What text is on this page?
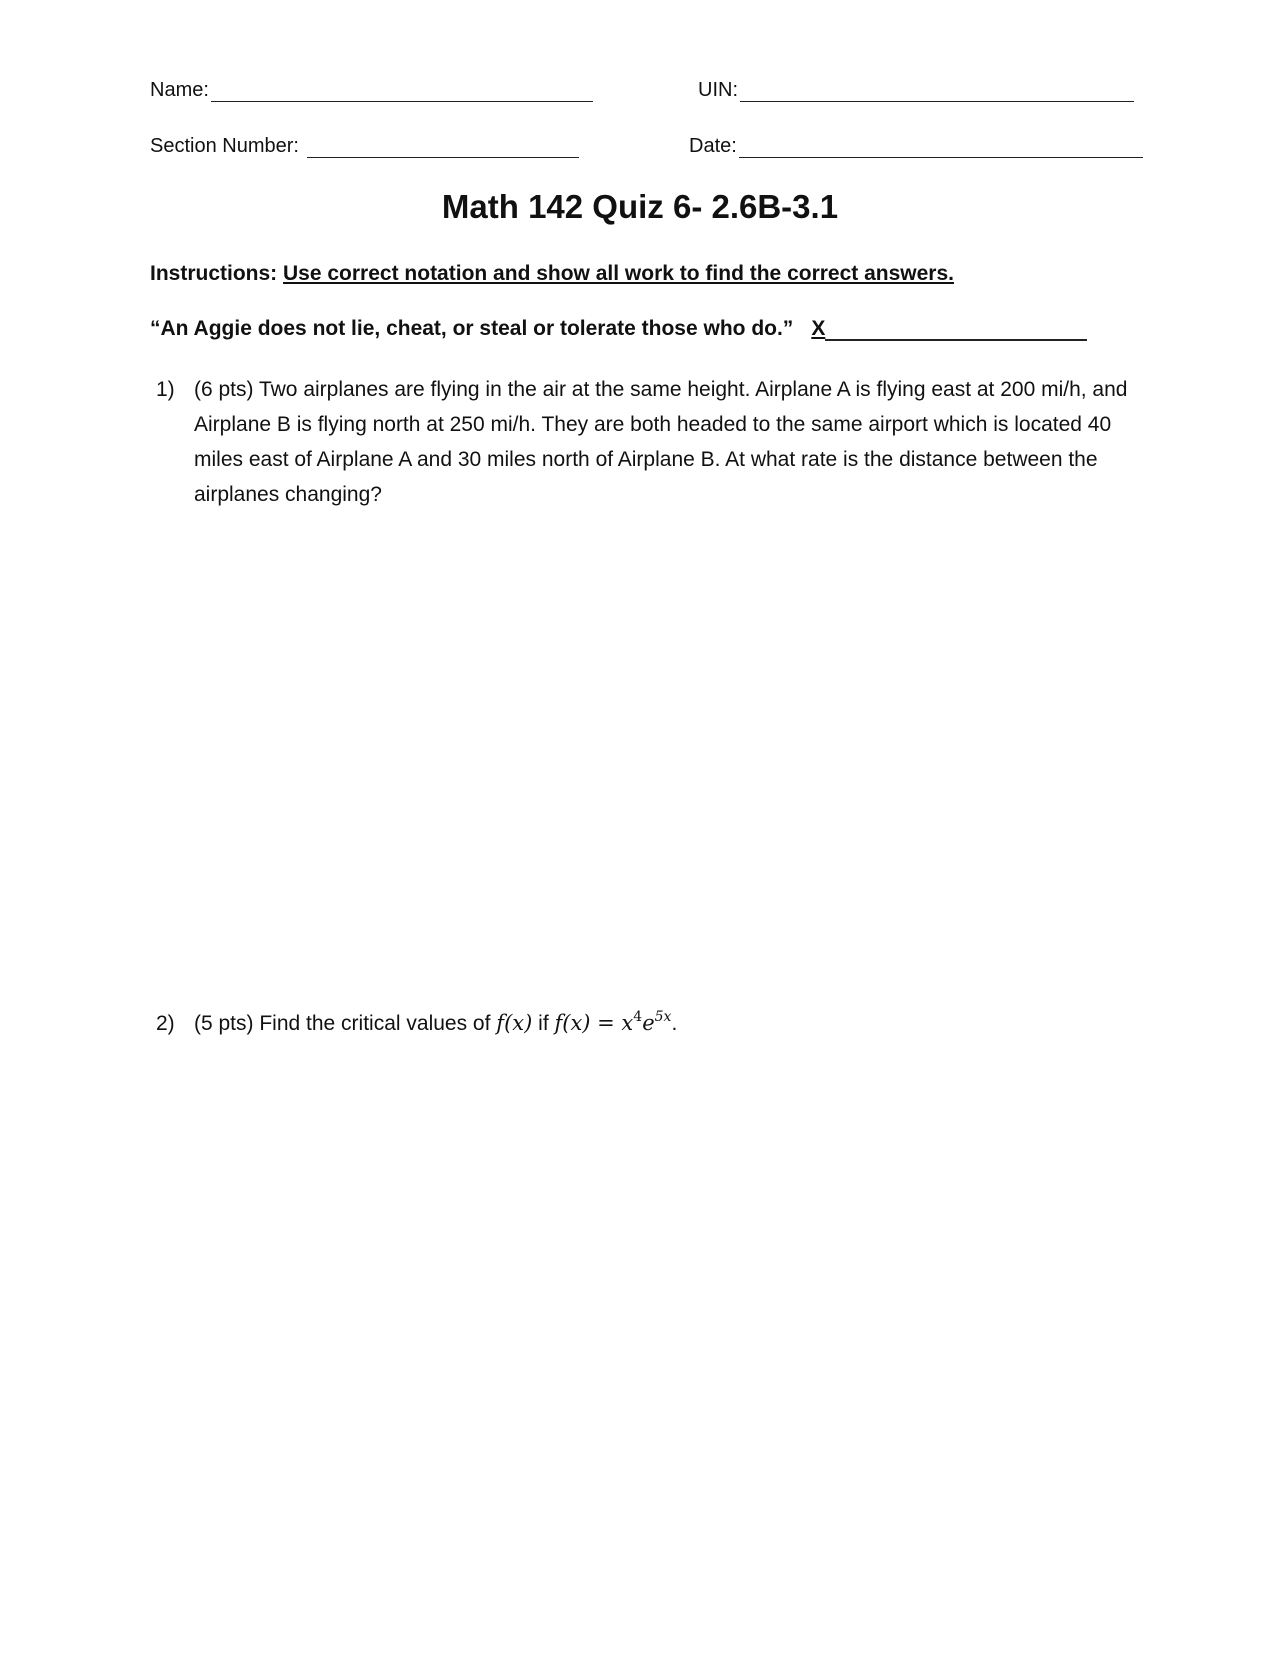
Name:	UIN:
Section Number:	Date:
Math 142 Quiz 6- 2.6B-3.1
Instructions: Use correct notation and show all work to find the correct answers.
“An Aggie does not lie, cheat, or steal or tolerate those who do.” X
1) (6 pts) Two airplanes are flying in the air at the same height. Airplane A is flying east at 200 mi/h, and Airplane B is flying north at 250 mi/h. They are both headed to the same airport which is located 40 miles east of Airplane A and 30 miles north of Airplane B. At what rate is the distance between the airplanes changing?
2) (5 pts) Find the critical values of f(x) if $f(x) = x^4e^{5x}$.
